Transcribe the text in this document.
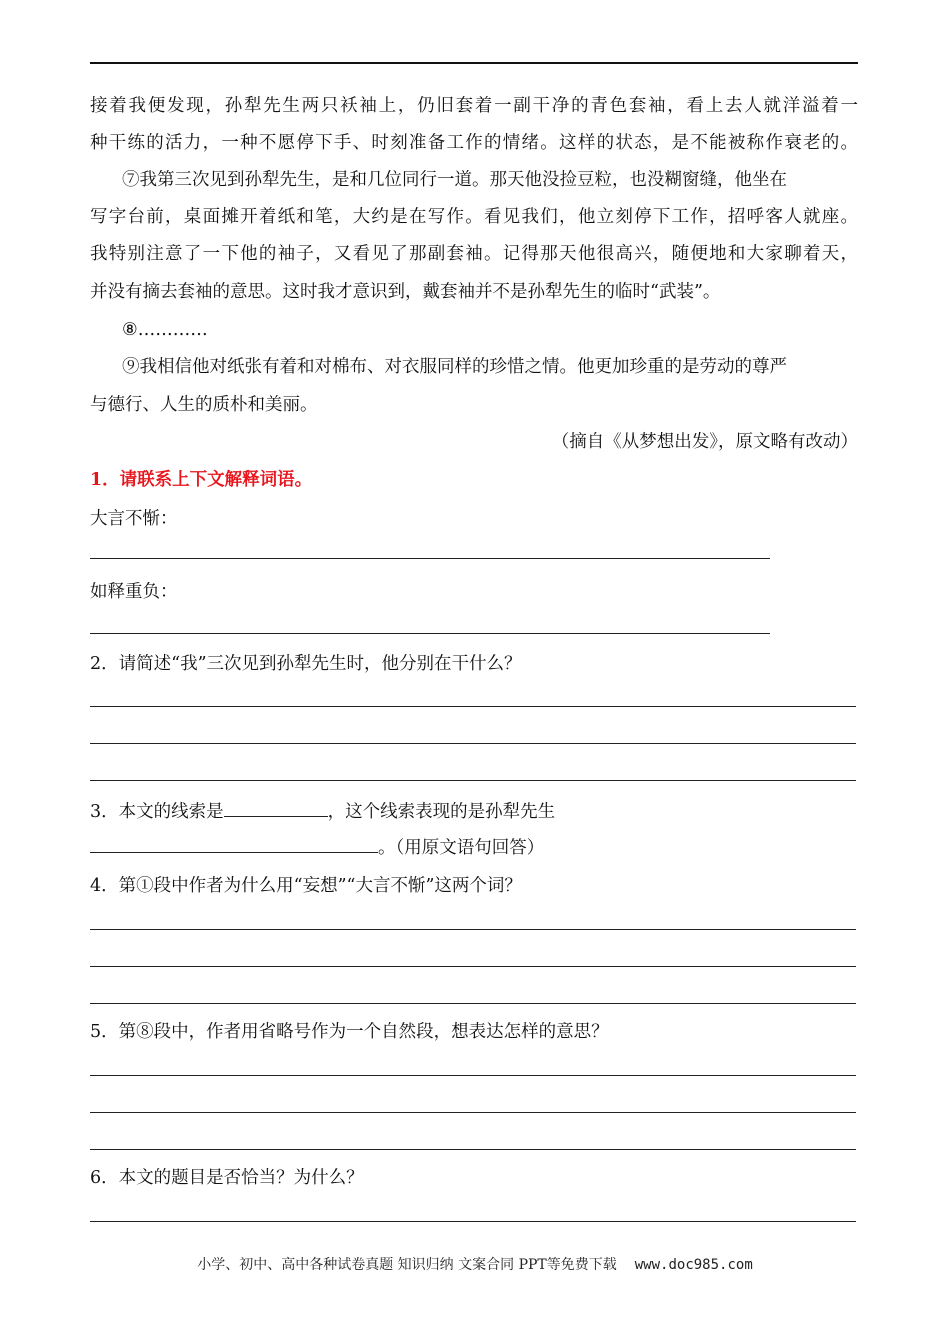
接着我便发现，孙犁先生两只袄袖上，仍旧套着一副干净的青色套袖，看上去人就洋溢着一
种干练的活力，一种不愿停下手、时刻准备工作的情绪。这样的状态，是不能被称作衰老的。
⑦我第三次见到孙犁先生，是和几位同行一道。那天他没捡豆粒，也没糊窗缝，他坐在
写字台前，桌面摊开着纸和笔，大约是在写作。看见我们，他立刻停下工作，招呼客人就座。
我特别注意了一下他的袖子，又看见了那副套袖。记得那天他很高兴，随便地和大家聊着天，
并没有摘去套袖的意思。这时我才意识到，戴套袖并不是孙犁先生的临时“武装”。
⑧…………
⑨我相信他对纸张有着和对棉布、对衣服同样的珍惜之情。他更加珍重的是劳动的尊严
与德行、人生的质朴和美丽。
（摘自《从梦想出发》，原文略有改动）
1．请联系上下文解释词语。
大言不惭：
如释重负：
2．请简述“我”三次见到孙犁先生时，他分别在干什么？
3．本文的线索是	，这个线索表现的是孙犁先生
。（用原文语句回答）
4．第①段中作者为什么用“妄想”“大言不惭”这两个词？
5．第⑧段中，作者用省略号作为一个自然段，想表达怎样的意思？
6．本文的题目是否恰当？为什么？
小学、初中、高中各种试卷真题 知识归纳 文案合同 PPT等免费下载 www.doc985.com
